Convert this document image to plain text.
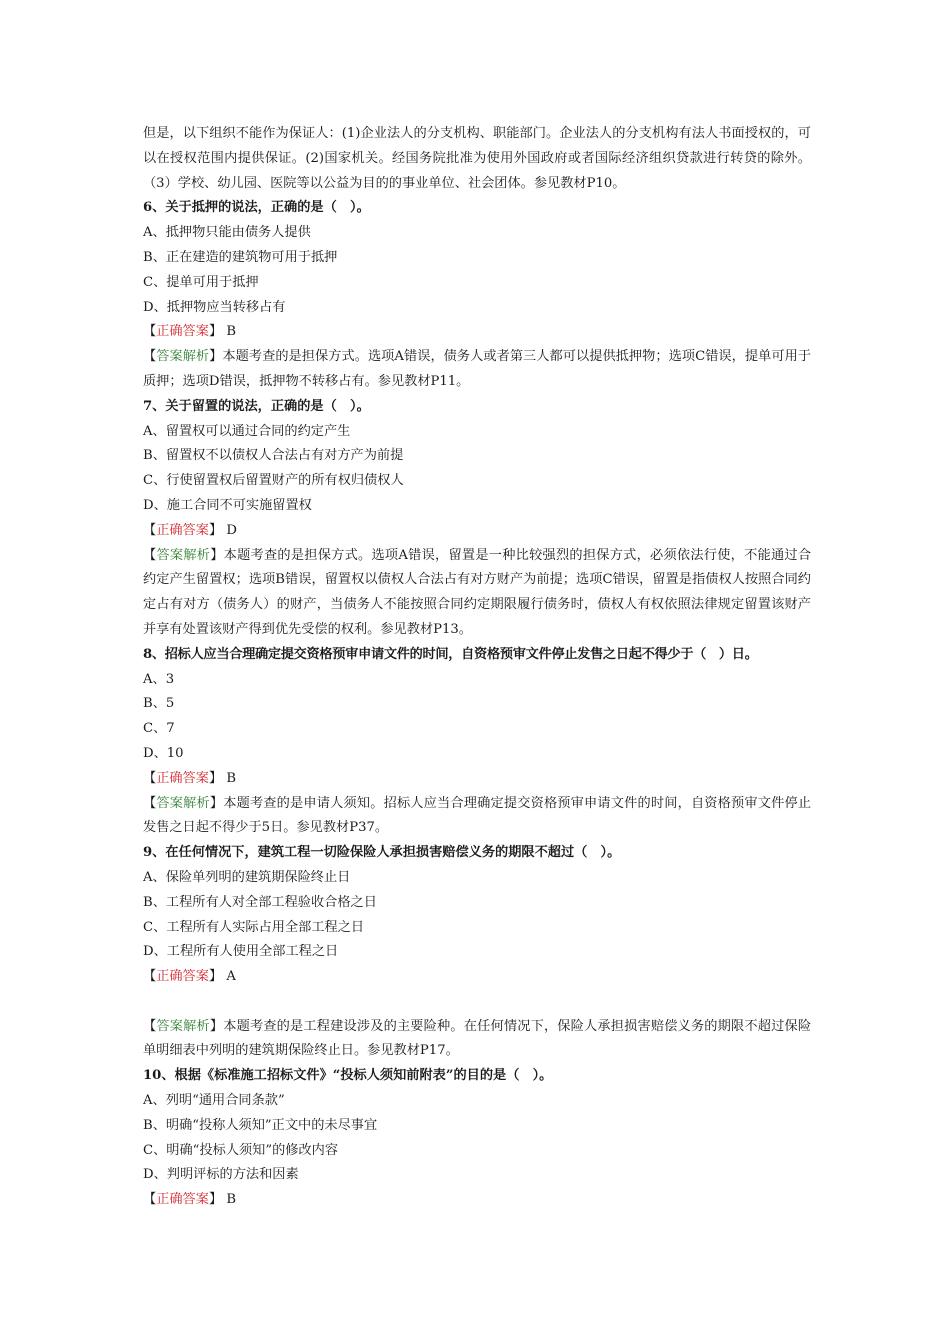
但是，以下组织不能作为保证人：(1)企业法人的分支机构、职能部门。企业法人的分支机构有法人书面授权的，可以在授权范围内提供保证。(2)国家机关。经国务院批准为使用外国政府或者国际经济组织贷款进行转贷的除外。（3）学校、幼儿园、医院等以公益为目的的事业单位、社会团体。参见教材P10。
6、关于抵押的说法，正确的是（　）。
A、抵押物只能由债务人提供
B、正在建造的建筑物可用于抵押
C、提单可用于抵押
D、抵押物应当转移占有
【正确答案】 B
【答案解析】本题考查的是担保方式。选项A错误，债务人或者第三人都可以提供抵押物；选项C错误，提单可用于质押；选项D错误，抵押物不转移占有。参见教材P11。
7、关于留置的说法，正确的是（　）。
A、留置权可以通过合同的约定产生
B、留置权不以债权人合法占有对方产为前提
C、行使留置权后留置财产的所有权归债权人
D、施工合同不可实施留置权
【正确答案】 D
【答案解析】本题考查的是担保方式。选项A错误，留置是一种比较强烈的担保方式，必须依法行使，不能通过合约定产生留置权；选项B错误，留置权以债权人合法占有对方财产为前提；选项C错误，留置是指债权人按照合同约定占有对方（债务人）的财产，当债务人不能按照合同约定期限履行债务时，债权人有权依照法律规定留置该财产并享有处置该财产得到优先受偿的权利。参见教材P13。
8、招标人应当合理确定提交资格预审申请文件的时间，自资格预审文件停止发售之日起不得少于（　）日。
A、3
B、5
C、7
D、10
【正确答案】 B
【答案解析】本题考查的是申请人须知。招标人应当合理确定提交资格预审申请文件的时间，自资格预审文件停止发售之日起不得少于5日。参见教材P37。
9、在任何情况下，建筑工程一切险保险人承担损害赔偿义务的期限不超过（　）。
A、保险单列明的建筑期保险终止日
B、工程所有人对全部工程验收合格之日
C、工程所有人实际占用全部工程之日
D、工程所有人使用全部工程之日
【正确答案】 A
【答案解析】本题考查的是工程建设涉及的主要险种。在任何情况下，保险人承担损害赔偿义务的期限不超过保险单明细表中列明的建筑期保险终止日。参见教材P17。
10、根据《标准施工招标文件》“投标人须知前附表”的目的是（　）。
A、列明“通用合同条款”
B、明确“投称人须知”正文中的未尽事宜
C、明确“投标人须知”的修改内容
D、判明评标的方法和因素
【正确答案】 B
